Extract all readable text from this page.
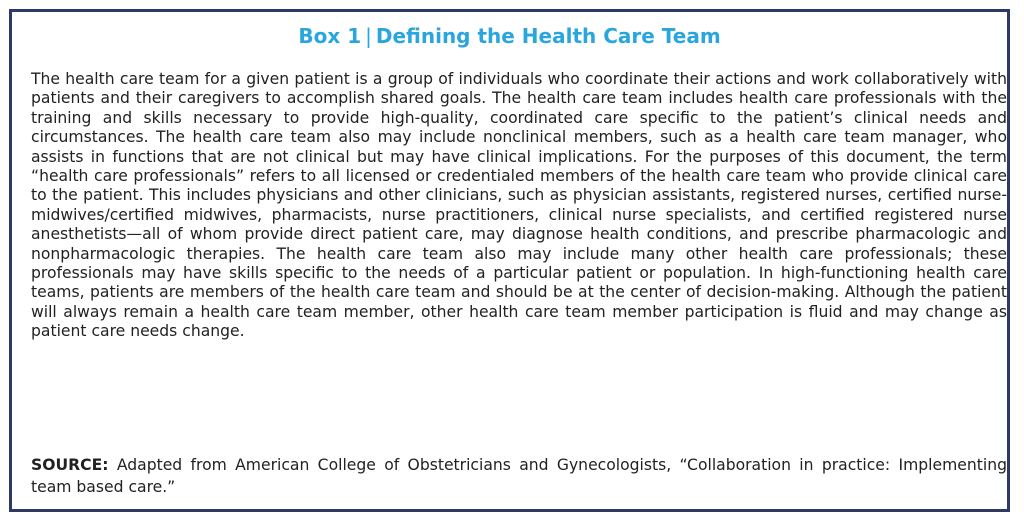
Box 1 | Defining the Health Care Team

The health care team for a given patient is a group of individuals who coordinate their actions and work collaboratively with patients and their caregivers to accomplish shared goals. The health care team includes health care professionals with the training and skills necessary to provide high-quality, coordinated care specific to the patient’s clinical needs and circumstances. The health care team also may include nonclinical members, such as a health care team manager, who assists in functions that are not clinical but may have clinical implications. For the purposes of this document, the term “health care professionals” refers to all licensed or credentialed members of the health care team who provide clinical care to the patient. This includes physicians and other clinicians, such as physician assistants, registered nurses, certified nurse-midwives/certified midwives, pharmacists, nurse practitioners, clinical nurse specialists, and certified registered nurse anesthetists—all of whom provide direct patient care, may diagnose health conditions, and prescribe pharmacologic and nonpharmacologic therapies. The health care team also may include many other health care professionals; these professionals may have skills specific to the needs of a particular patient or population. In high-functioning health care teams, patients are members of the health care team and should be at the center of decision-making. Although the patient will always remain a health care team member, other health care team member participation is fluid and may change as patient care needs change.

SOURCE: Adapted from American College of Obstetricians and Gynecologists, “Collaboration in practice: Implementing team based care.”
